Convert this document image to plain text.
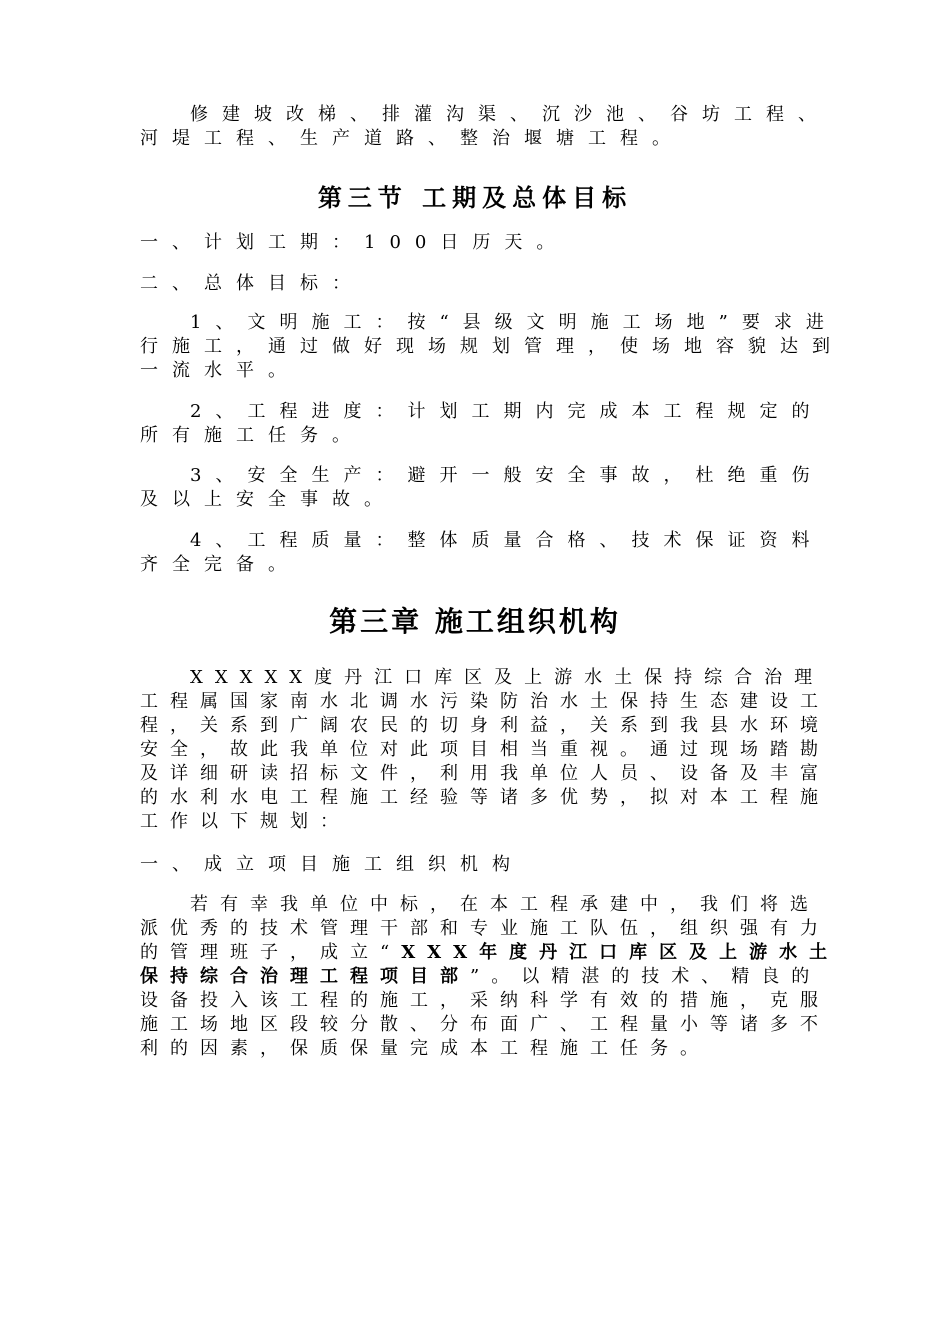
修建坡改梯、排灌沟渠、沉沙池、谷坊工程、河堤工程、生产道路、整治堰塘工程。

第三节 工期及总体目标

一、计划工期：100日历天。

二、总体目标：

1、文明施工：按“县级文明施工场地”要求进行施工，通过做好现场规划管理，使场地容貌达到一流水平。

2、工程进度：计划工期内完成本工程规定的所有施工任务。

3、安全生产：避开一般安全事故，杜绝重伤及以上安全事故。

4、工程质量：整体质量合格、技术保证资料齐全完备。

第三章 施工组织机构

XXXXX度丹江口库区及上游水土保持综合治理工程属国家南水北调水污染防治水土保持生态建设工程，关系到广阔农民的切身利益，关系到我县水环境安全，故此我单位对此项目相当重视。通过现场踏勘及详细研读招标文件，利用我单位人员、设备及丰富的水利水电工程施工经验等诸多优势，拟对本工程施工作以下规划：

一、成立项目施工组织机构

若有幸我单位中标，在本工程承建中，我们将选派优秀的技术管理干部和专业施工队伍，组织强有力的管理班子，成立“XXX年度丹江口库区及上游水土保持综合治理工程项目部”。以精湛的技术、精良的设备投入该工程的施工，采纳科学有效的措施，克服施工场地区段较分散、分布面广、工程量小等诸多不利的因素，保质保量完成本工程施工任务。
